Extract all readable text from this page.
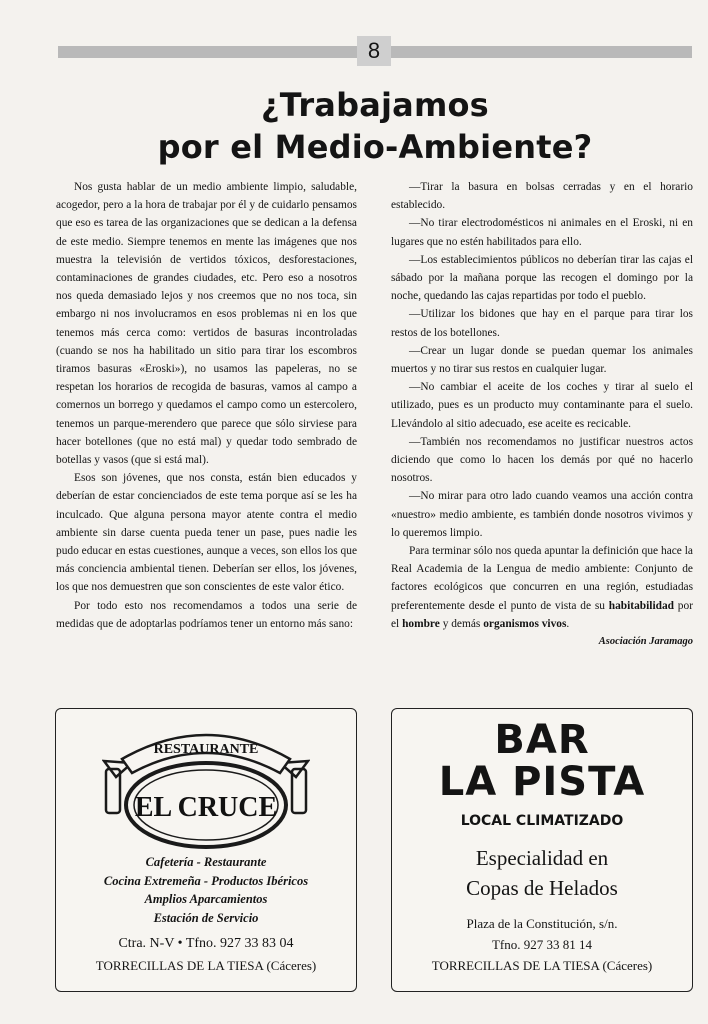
8
¿Trabajamos
por el Medio-Ambiente?

Nos gusta hablar de un medio ambiente limpio, saludable, acogedor, pero a la hora de trabajar por él y de cuidarlo pensamos que eso es tarea de las organizaciones que se dedican a la defensa de este medio. Siempre tenemos en mente las imágenes que nos muestra la televisión de vertidos tóxicos, desforestaciones, contaminaciones de grandes ciudades, etc. Pero eso a nosotros nos queda demasiado lejos y nos creemos que no nos toca, sin embargo ni nos involucramos en esos problemas ni en los que tenemos más cerca como: vertidos de basuras incontroladas (cuando se nos ha habilitado un sitio para tirar los escombros tiramos basuras «Eroski»), no usamos las papeleras, no se respetan los horarios de recogida de basuras, vamos al campo a comernos un borrego y quedamos el campo como un estercolero, tenemos un parque-merendero que parece que sólo sirviese para hacer botellones (que no está mal) y quedar todo sembrado de botellas y vasos (que si está mal).

Esos son jóvenes, que nos consta, están bien educados y deberían de estar concienciados de este tema porque así se les ha inculcado. Que alguna persona mayor atente contra el medio ambiente sin darse cuenta pueda tener un pase, pues nadie les pudo educar en estas cuestiones, aunque a veces, son ellos los que más conciencia ambiental tienen. Deberían ser ellos, los jóvenes, los que nos demuestren que son conscientes de este valor ético.

Por todo esto nos recomendamos a todos una serie de medidas que de adoptarlas podríamos tener un entorno más sano:

—Tirar la basura en bolsas cerradas y en el horario establecido.

—No tirar electrodomésticos ni animales en el Eroski, ni en lugares que no estén habilitados para ello.

—Los establecimientos públicos no deberían tirar las cajas el sábado por la mañana porque las recogen el domingo por la noche, quedando las cajas repartidas por todo el pueblo.

—Utilizar los bidones que hay en el parque para tirar los restos de los botellones.

—Crear un lugar donde se puedan quemar los animales muertos y no tirar sus restos en cualquier lugar.

—No cambiar el aceite de los coches y tirar al suelo el utilizado, pues es un producto muy contaminante para el suelo. Llevándolo al sitio adecuado, ese aceite es recicable.

—También nos recomendamos no justificar nuestros actos diciendo que como lo hacen los demás por qué no hacerlo nosotros.

—No mirar para otro lado cuando veamos una acción contra «nuestro» medio ambiente, es también donde nosotros vivimos y lo queremos limpio.

Para terminar sólo nos queda apuntar la definición que hace la Real Academia de la Lengua de medio ambiente: Conjunto de factores ecológicos que concurren en una región, estudiadas preferentemente desde el punto de vista de su habitabilidad por el hombre y demás organismos vivos.

Asociación Jaramago

RESTAURANTE
EL CRUCE
Cafetería - Restaurante
Cocina Extremeña - Productos Ibéricos
Amplios Aparcamientos
Estación de Servicio
Ctra. N-V • Tfno. 927 33 83 04
TORRECILLAS DE LA TIESA (Cáceres)
BAR
LA PISTA
LOCAL CLIMATIZADO
Especialidad en
Copas de Helados
Plaza de la Constitución, s/n.
Tfno. 927 33 81 14
TORRECILLAS DE LA TIESA (Cáceres)
